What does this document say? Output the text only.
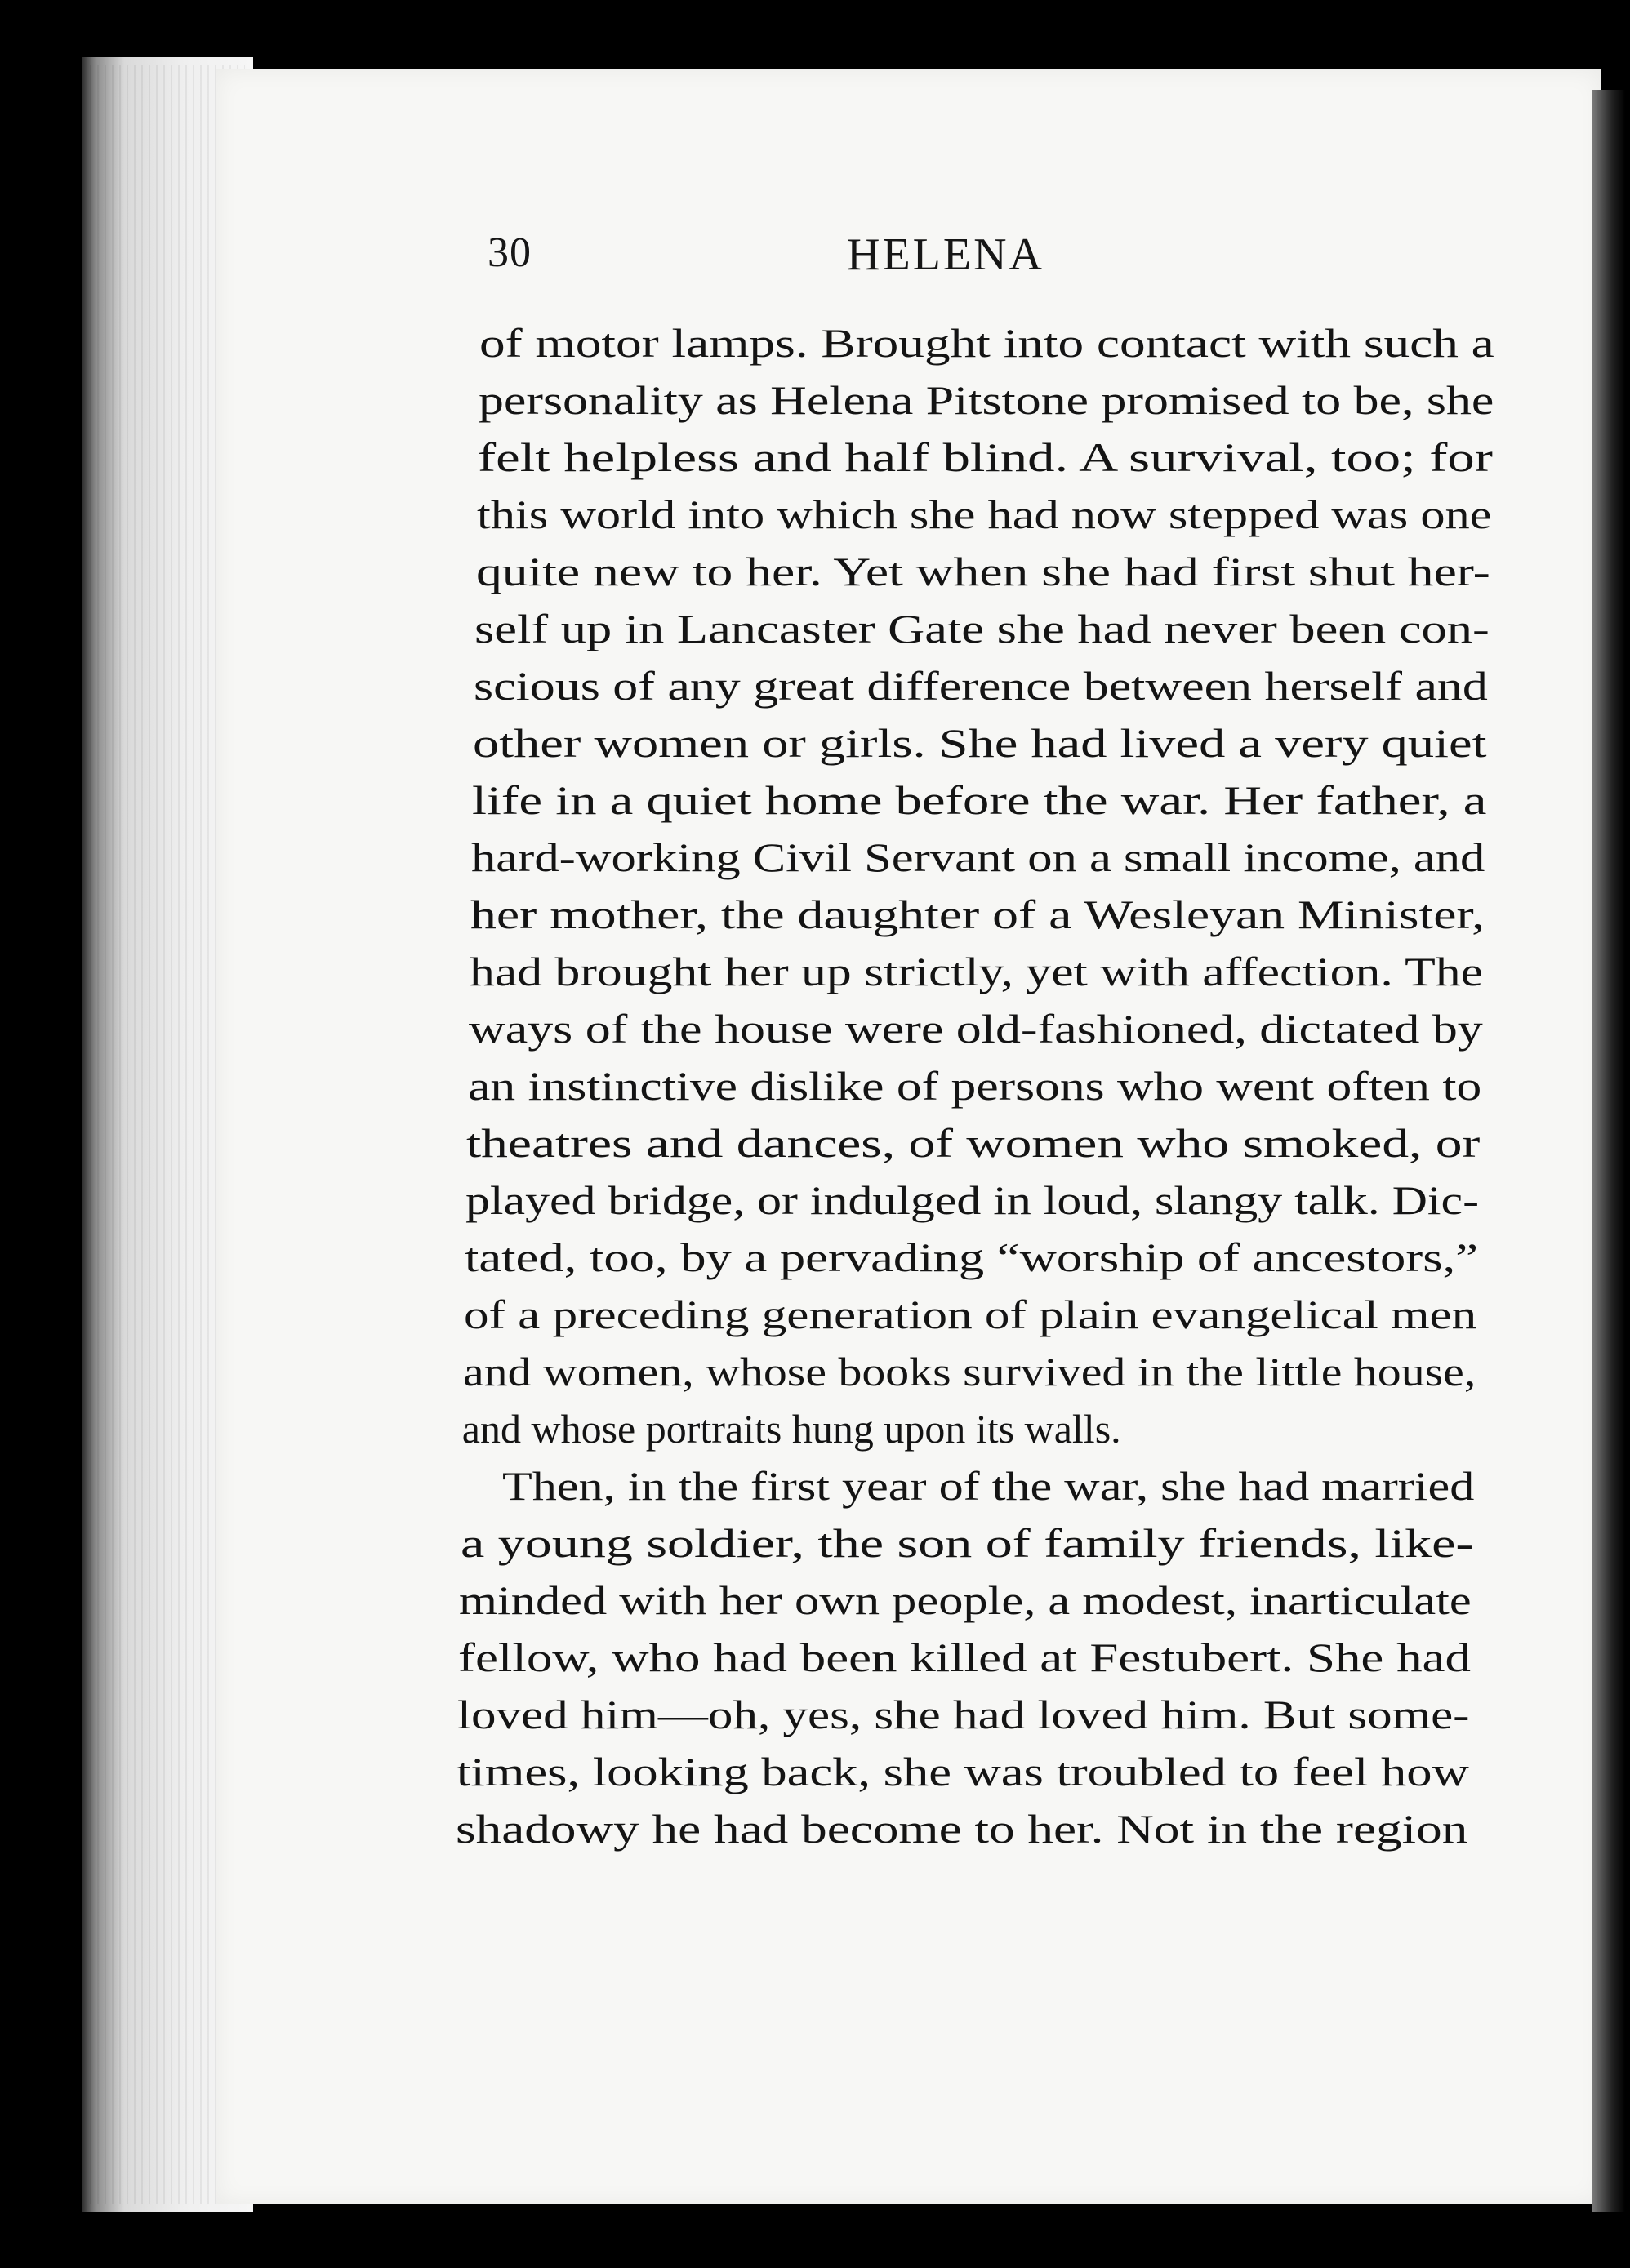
30	HELENA
of motor lamps. Brought into contact with such a
personality as Helena Pitstone promised to be, she
felt helpless and half blind. A survival, too; for
this world into which she had now stepped was one
quite new to her. Yet when she had first shut her-
self up in Lancaster Gate she had never been con-
scious of any great difference between herself and
other women or girls. She had lived a very quiet
life in a quiet home before the war. Her father, a
hard-working Civil Servant on a small income, and
her mother, the daughter of a Wesleyan Minister,
had brought her up strictly, yet with affection. The
ways of the house were old-fashioned, dictated by
an instinctive dislike of persons who went often to
theatres and dances, of women who smoked, or
played bridge, or indulged in loud, slangy talk. Dic-
tated, too, by a pervading “worship of ancestors,”
of a preceding generation of plain evangelical men
and women, whose books survived in the little house,
and whose portraits hung upon its walls.
Then, in the first year of the war, she had married
a young soldier, the son of family friends, like-
minded with her own people, a modest, inarticulate
fellow, who had been killed at Festubert. She had
loved him—oh, yes, she had loved him. But some-
times, looking back, she was troubled to feel how
shadowy he had become to her. Not in the region
